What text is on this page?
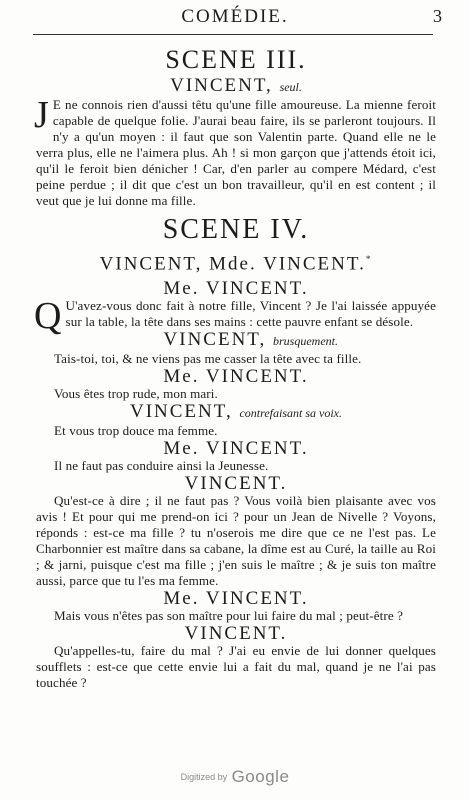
COMÉDIE.	3
SCENE III.
VINCENT, seul.

J E ne connois rien d'aussi têtu qu'une fille amoureuse. La mienne feroit capable de quelque folie. J'aurai beau faire, ils se parleront toujours. Il n'y a qu'un moyen : il faut que son Valentin parte. Quand elle ne le verra plus, elle ne l'aimera plus. Ah ! si mon garçon que j'attends étoit ici, qu'il le feroit bien dénicher ! Car, d'en parler au compere Médard, c'est peine perdue ; il dit que c'est un bon travailleur, qu'il en est content ; il veut que je lui donne ma fille.

SCENE IV.
VINCENT, Mde. VINCENT.*
Me. VINCENT.

Q U'avez-vous donc fait à notre fille, Vincent ? Je l'ai laissée appuyée sur la table, la tête dans ses mains : cette pauvre enfant se désole.

VINCENT, brusquement.

Tais-toi, toi, & ne viens pas me casser la tête avec ta fille.

Me. VINCENT.

Vous êtes trop rude, mon mari.

VINCENT, contrefaisant sa voix.

Et vous trop douce ma femme.

Me. VINCENT.

Il ne faut pas conduire ainsi la Jeunesse.

VINCENT.

Qu'est-ce à dire ; il ne faut pas ? Vous voilà bien plaisante avec vos avis ! Et pour qui me prend-on ici ? pour un Jean de Nivelle ? Voyons, réponds : est-ce ma fille ? tu n'oserois me dire que ce ne l'est pas. Le Charbonnier est maître dans sa cabane, la dîme est au Curé, la taille au Roi ; & jarni, puisque c'est ma fille ; j'en suis le maître ; & je suis ton maître aussi, parce que tu l'es ma femme.

Me. VINCENT.

Mais vous n'êtes pas son maître pour lui faire du mal ; peut-être ?

VINCENT.

Qu'appelles-tu, faire du mal ? J'ai eu envie de lui donner quelques soufflets : est-ce que cette envie lui a fait du mal, quand je ne l'ai pas touchée ?

Digitized by Google
